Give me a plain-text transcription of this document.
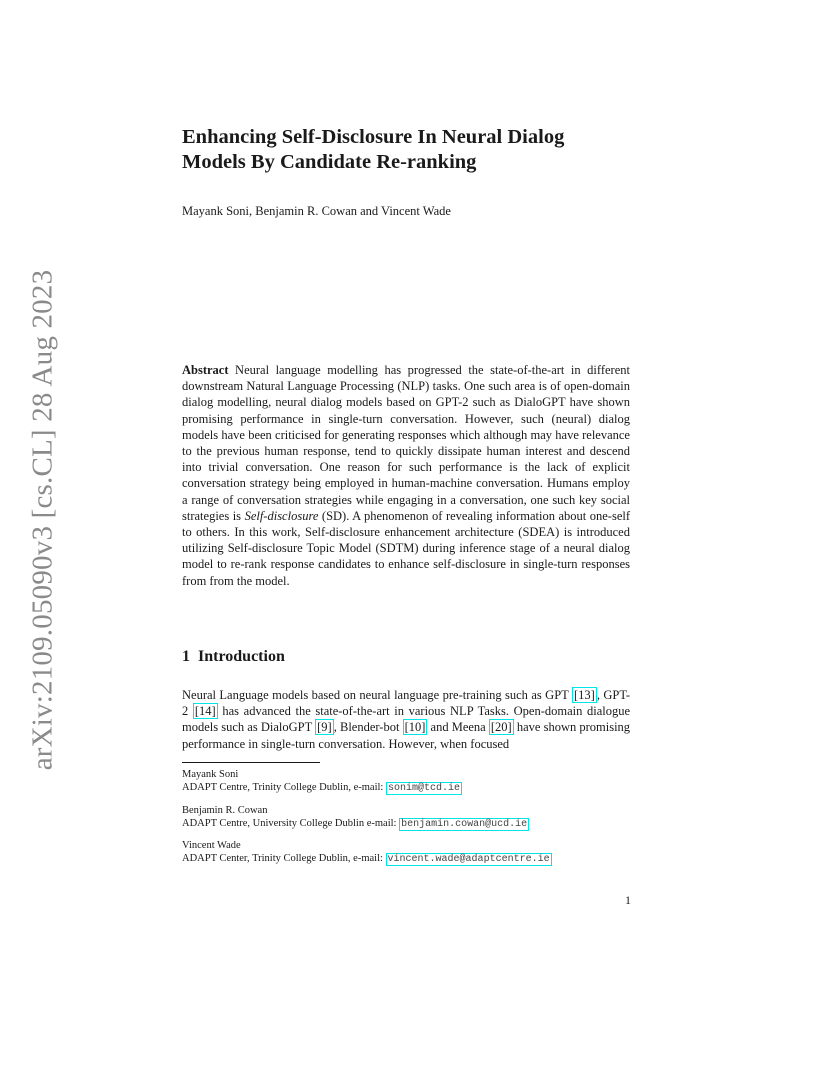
arXiv:2109.05090v3 [cs.CL] 28 Aug 2023
Enhancing Self-Disclosure In Neural Dialog
Models By Candidate Re-ranking
Mayank Soni, Benjamin R. Cowan and Vincent Wade

Abstract Neural language modelling has progressed the state-of-the-art in different downstream Natural Language Processing (NLP) tasks. One such area is of open-domain dialog modelling, neural dialog models based on GPT-2 such as DialoGPT have shown promising performance in single-turn conversation. However, such (neural) dialog models have been criticised for generating responses which although may have relevance to the previous human response, tend to quickly dissipate human interest and descend into trivial conversation. One reason for such performance is the lack of explicit conversation strategy being employed in human-machine conversation. Humans employ a range of conversation strategies while engaging in a conversation, one such key social strategies is Self-disclosure (SD). A phenomenon of revealing information about one-self to others. In this work, Self-disclosure enhancement architecture (SDEA) is introduced utilizing Self-disclosure Topic Model (SDTM) during inference stage of a neural dialog model to re-rank response candidates to enhance self-disclosure in single-turn responses from from the model.

1 Introduction

Neural Language models based on neural language pre-training such as GPT [13] , GPT-2 [14] has advanced the state-of-the-art in various NLP Tasks. Open-domain dialogue models such as DialoGPT [9] , Blender-bot [10] and Meena [20] have shown promising performance in single-turn conversation. However, when focused

Mayank Soni
ADAPT Centre, Trinity College Dublin, e-mail: sonim@tcd.ie
Benjamin R. Cowan
ADAPT Centre, University College Dublin e-mail: benjamin.cowan@ucd.ie
Vincent Wade
ADAPT Center, Trinity College Dublin, e-mail: vincent.wade@adaptcentre.ie
1
